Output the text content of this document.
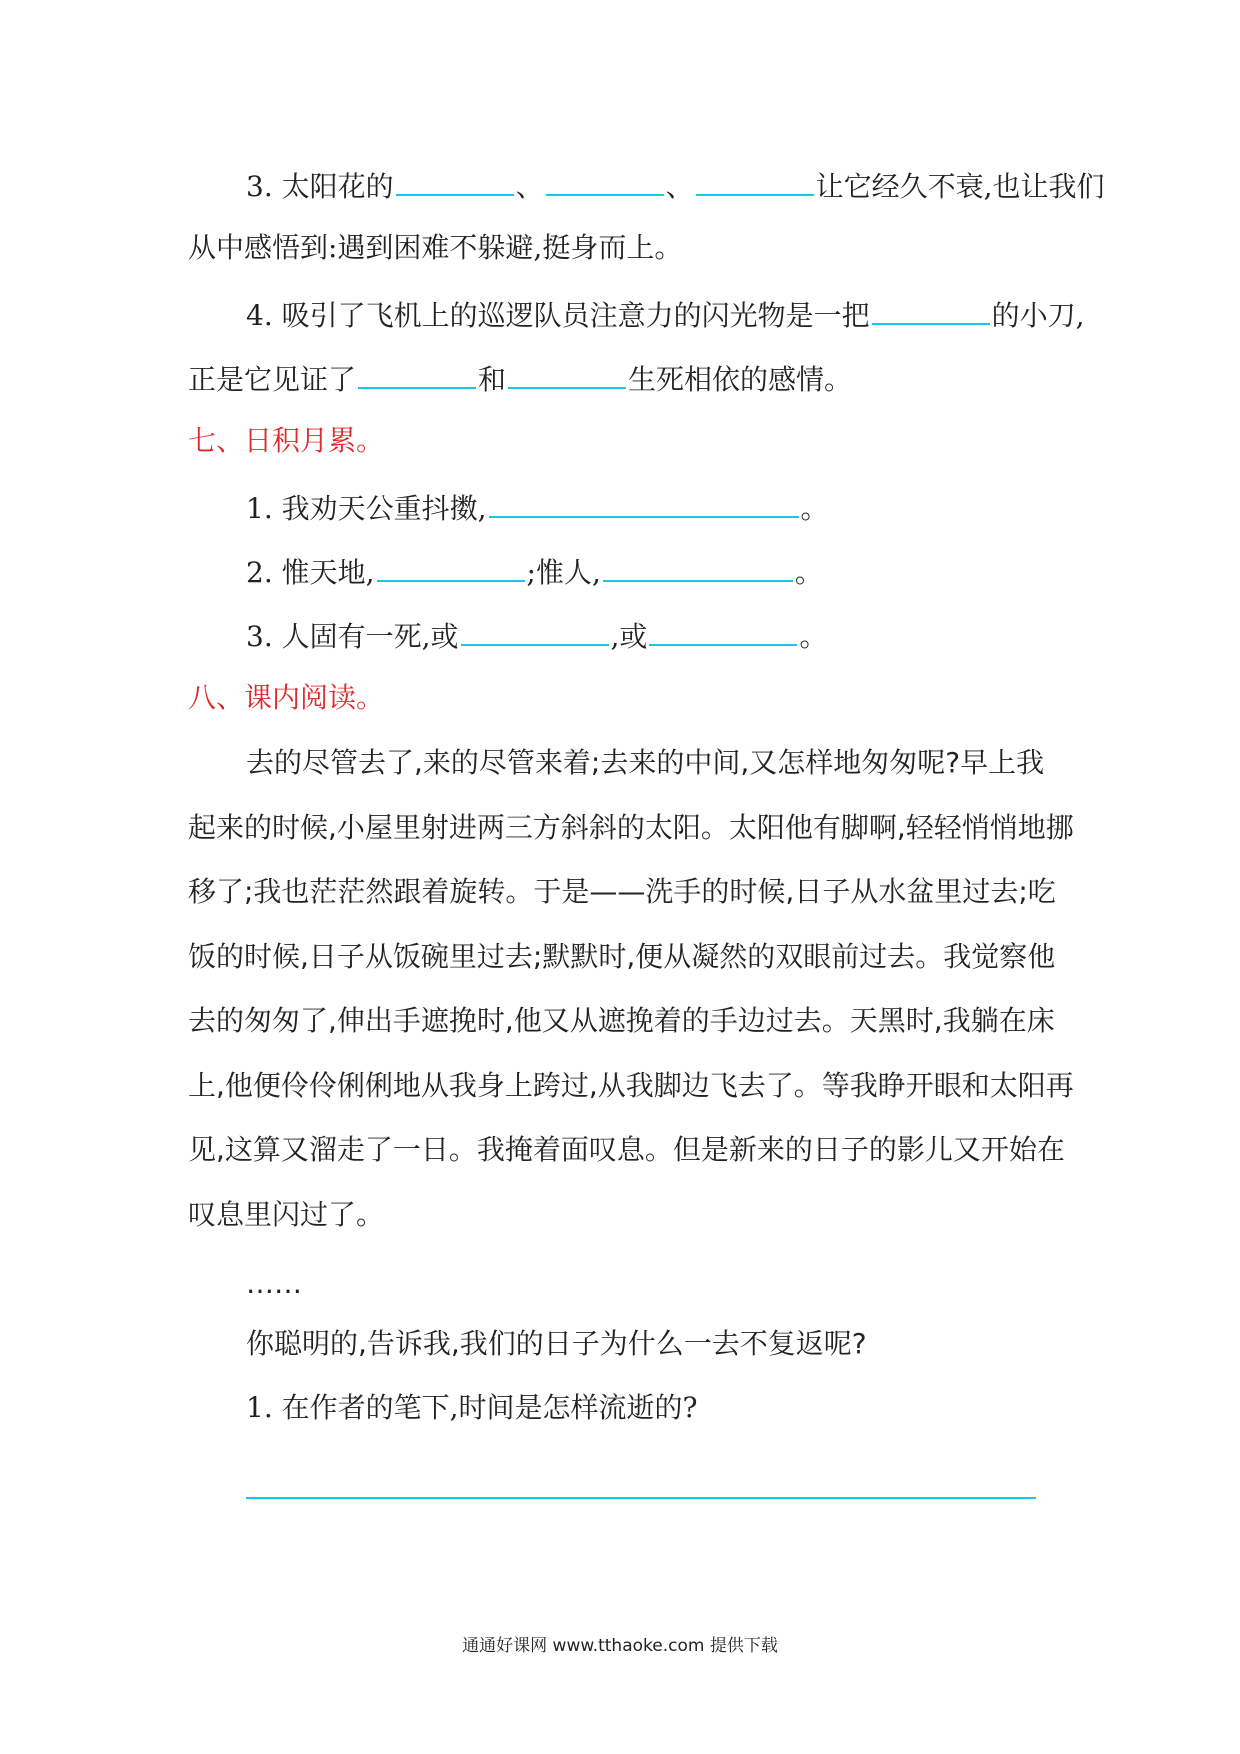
3. 太阳花的	、	、	让它经久不衰,也让我们
从中感悟到:遇到困难不躲避,挺身而上。
4. 吸引了飞机上的巡逻队员注意力的闪光物是一把	的小刀,
正是它见证了	和	生死相依的感情。
七、日积月累。
1. 我劝天公重抖擞,	。
2. 惟天地,	;惟人,	。
3. 人固有一死,或	,或	。
八、课内阅读。
去的尽管去了,来的尽管来着;去来的中间,又怎样地匆匆呢?早上我
起来的时候,小屋里射进两三方斜斜的太阳。太阳他有脚啊,轻轻悄悄地挪
移了;我也茫茫然跟着旋转。于是——洗手的时候,日子从水盆里过去;吃
饭的时候,日子从饭碗里过去;默默时,便从凝然的双眼前过去。我觉察他
去的匆匆了,伸出手遮挽时,他又从遮挽着的手边过去。天黑时,我躺在床
上,他便伶伶俐俐地从我身上跨过,从我脚边飞去了。等我睁开眼和太阳再
见,这算又溜走了一日。我掩着面叹息。但是新来的日子的影儿又开始在
叹息里闪过了。
……
你聪明的,告诉我,我们的日子为什么一去不复返呢?
1. 在作者的笔下,时间是怎样流逝的?
通通好课网 www.tthaoke.com 提供下载
